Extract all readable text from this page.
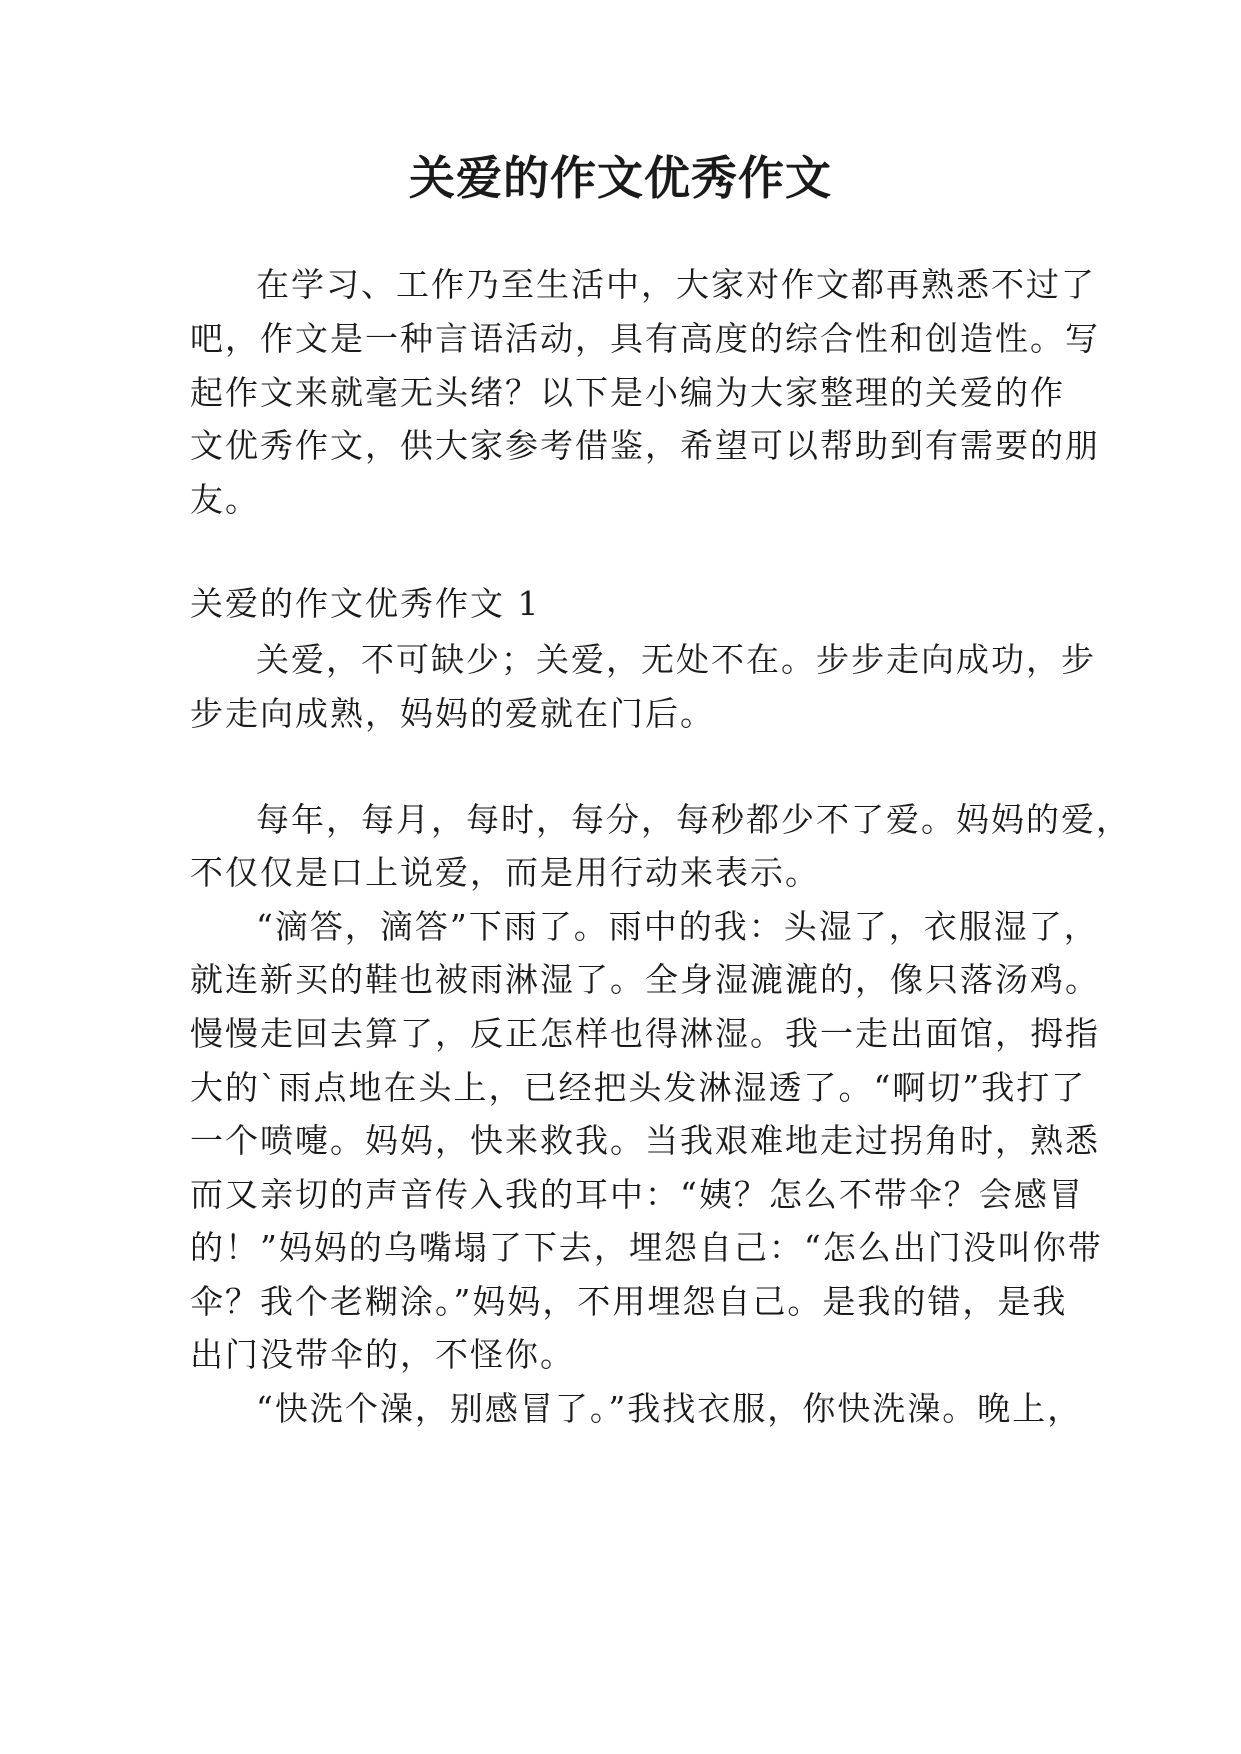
关爱的作文优秀作文
在学习、工作乃至生活中，大家对作文都再熟悉不过了
吧，作文是一种言语活动，具有高度的综合性和创造性。写
起作文来就毫无头绪？以下是小编为大家整理的关爱的作
文优秀作文，供大家参考借鉴，希望可以帮助到有需要的朋
友。
关爱的作文优秀作文 1
关爱，不可缺少；关爱，无处不在。步步走向成功，步
步走向成熟，妈妈的爱就在门后。
每年，每月，每时，每分，每秒都少不了爱。妈妈的爱，
不仅仅是口上说爱，而是用行动来表示。
“滴答，滴答”下雨了。雨中的我：头湿了，衣服湿了，
就连新买的鞋也被雨淋湿了。全身湿漉漉的，像只落汤鸡。
慢慢走回去算了，反正怎样也得淋湿。我一走出面馆，拇指
大的`雨点地在头上，已经把头发淋湿透了。“啊切”我打了
一个喷嚏。妈妈，快来救我。当我艰难地走过拐角时，熟悉
而又亲切的声音传入我的耳中：“姨？怎么不带伞？会感冒
的！”妈妈的乌嘴塌了下去，埋怨自己：“怎么出门没叫你带
伞？我个老糊涂。”妈妈，不用埋怨自己。是我的错，是我
出门没带伞的，不怪你。
“快洗个澡，别感冒了。”我找衣服，你快洗澡。晚上，
